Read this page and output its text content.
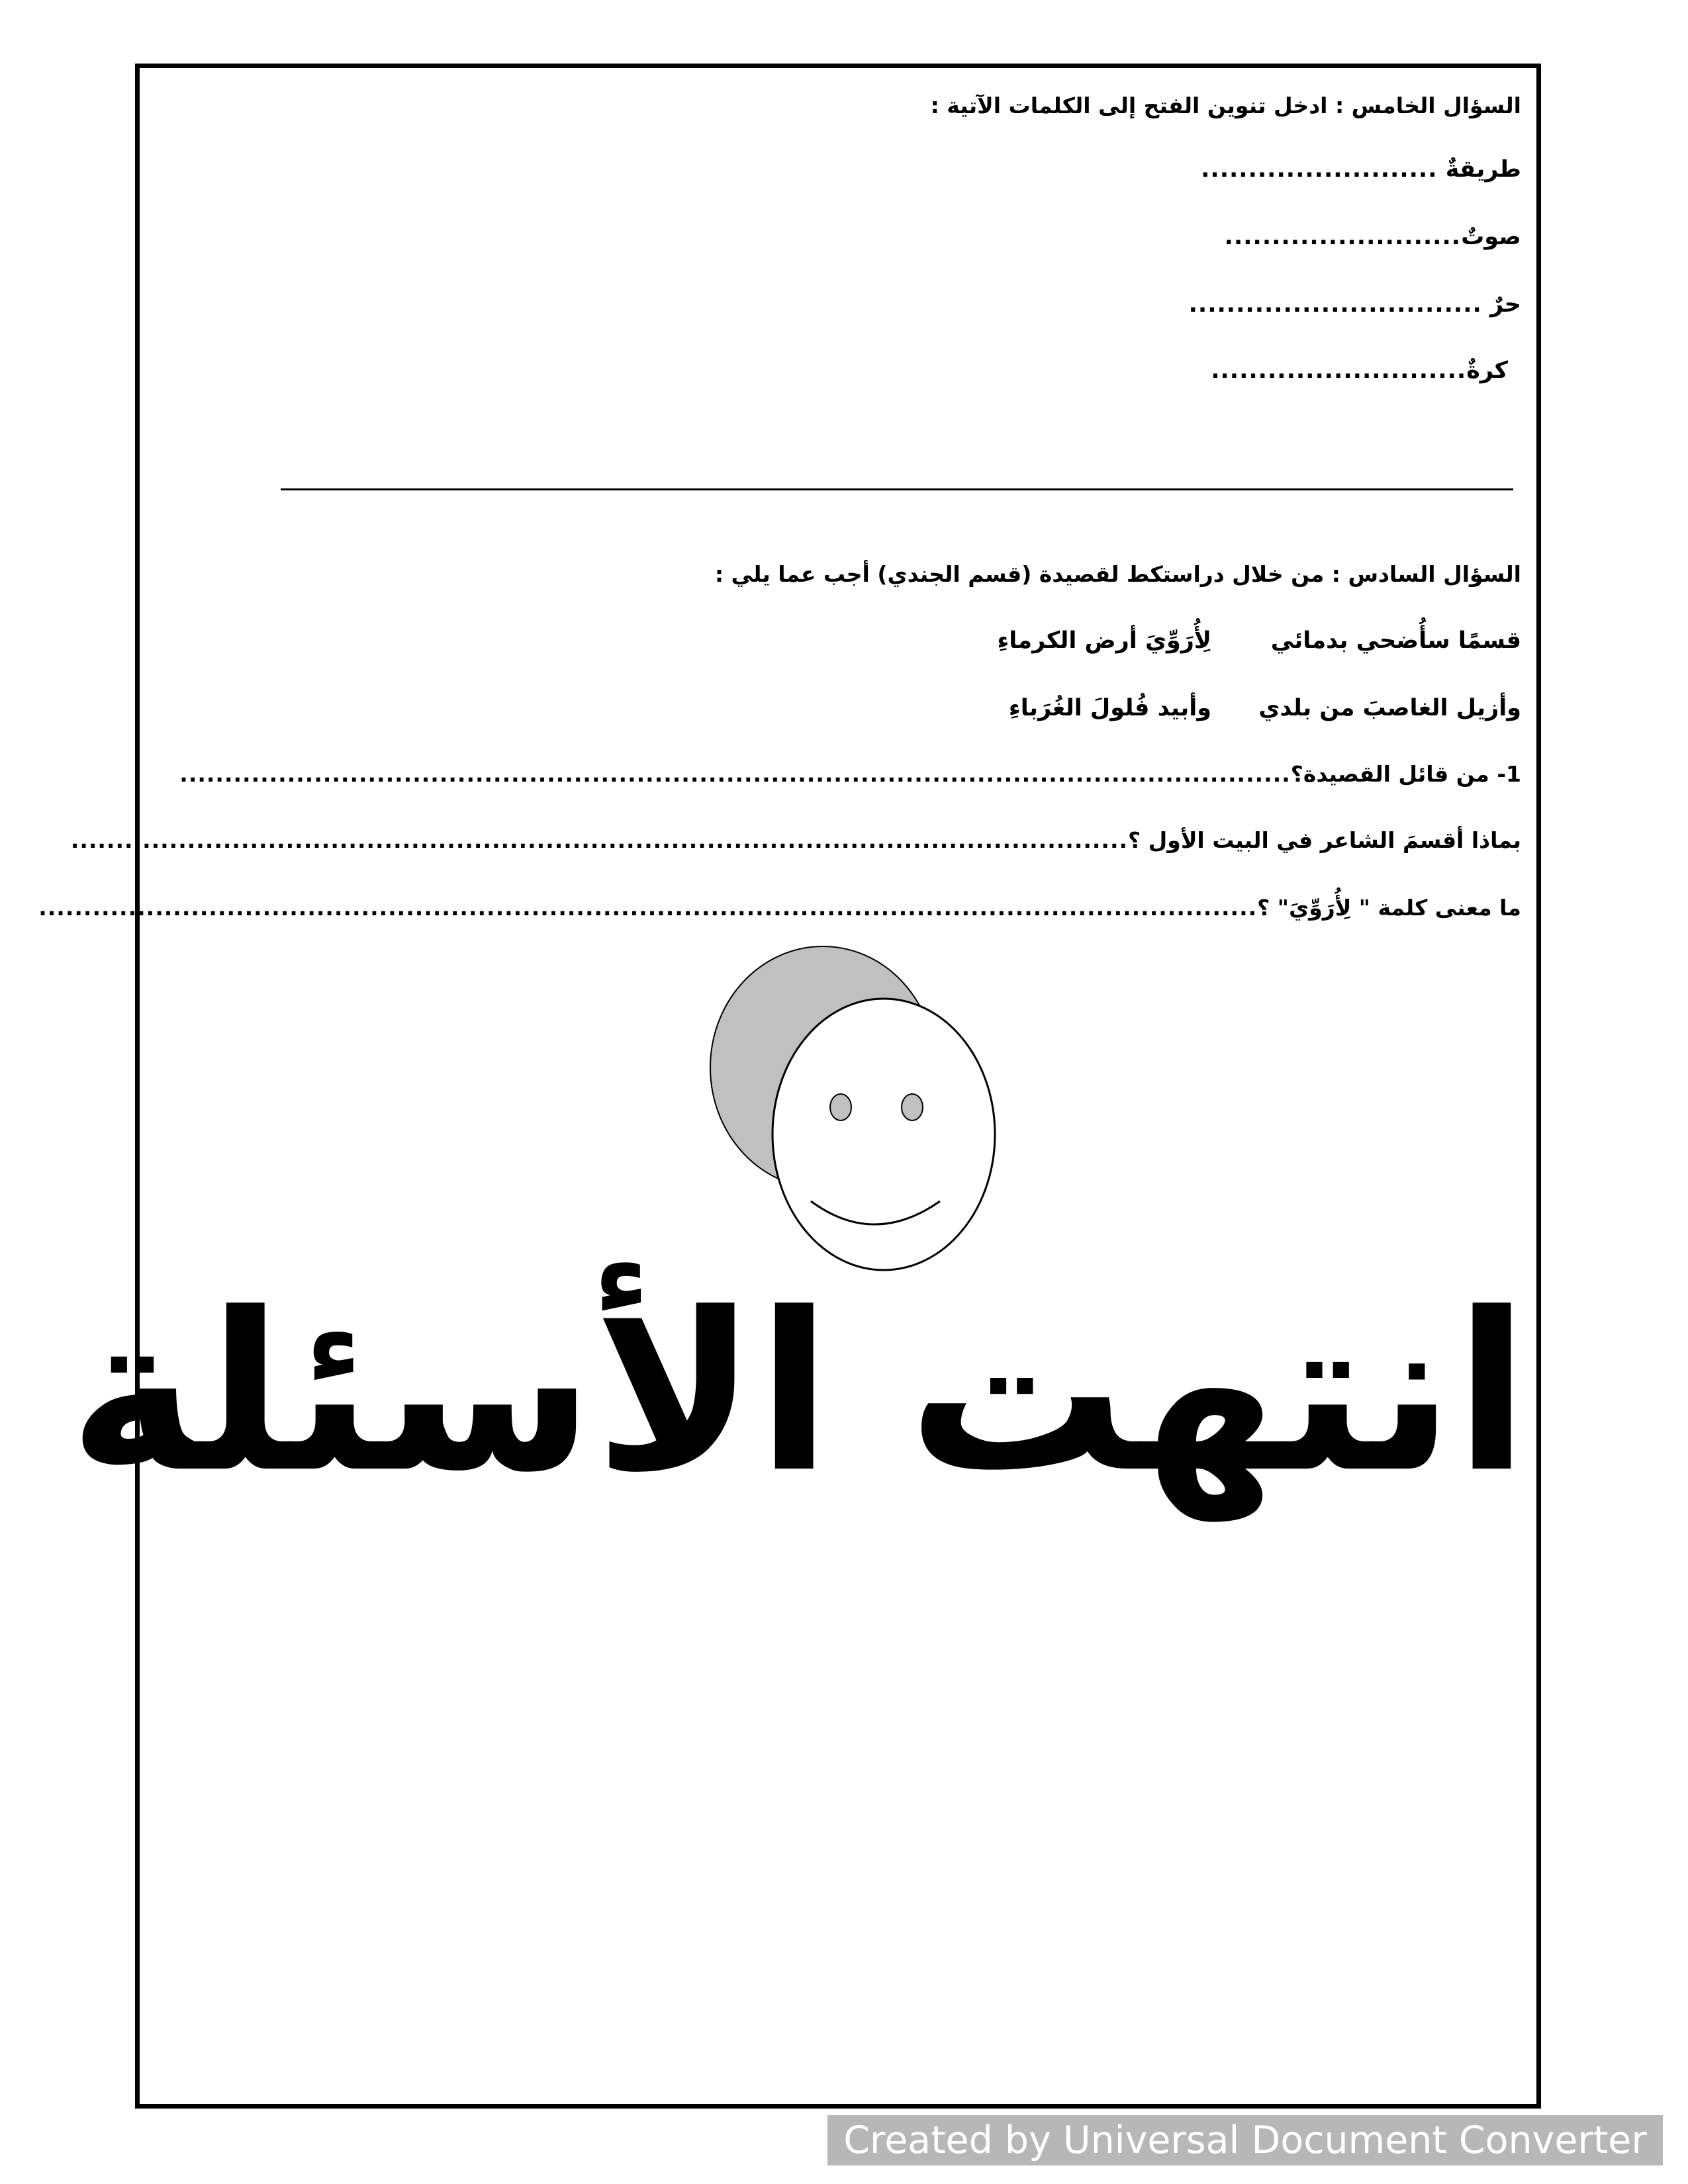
السؤال الخامس : ادخل تنوين الفتح إلى الكلمات الآتية :
طريقةٌ .........................
صوتٌ.........................
حرٌ ...............................
كرةٌ...........................
السؤال السادس : من خلال دراستكط لقصيدة (قسم الجندي) أجب عما يلي :
قسمًا سأُضحي بدمائي
لِأُرَوِّيَ أرض الكرماءِ
وأزيل الغاصبَ من بلدي
وأبيد فُلولَ الغُرَباءِ
1- من قائل القصيدة؟............................................................................................................................
بماذا أقسمَ الشاعر في البيت الأول ؟......................................................................................................................
ما معنى كلمة " لِأُرَوِّيَ" ؟........................................................................................................................................
انتهت الأسئلة
Created by Universal Document Converter
